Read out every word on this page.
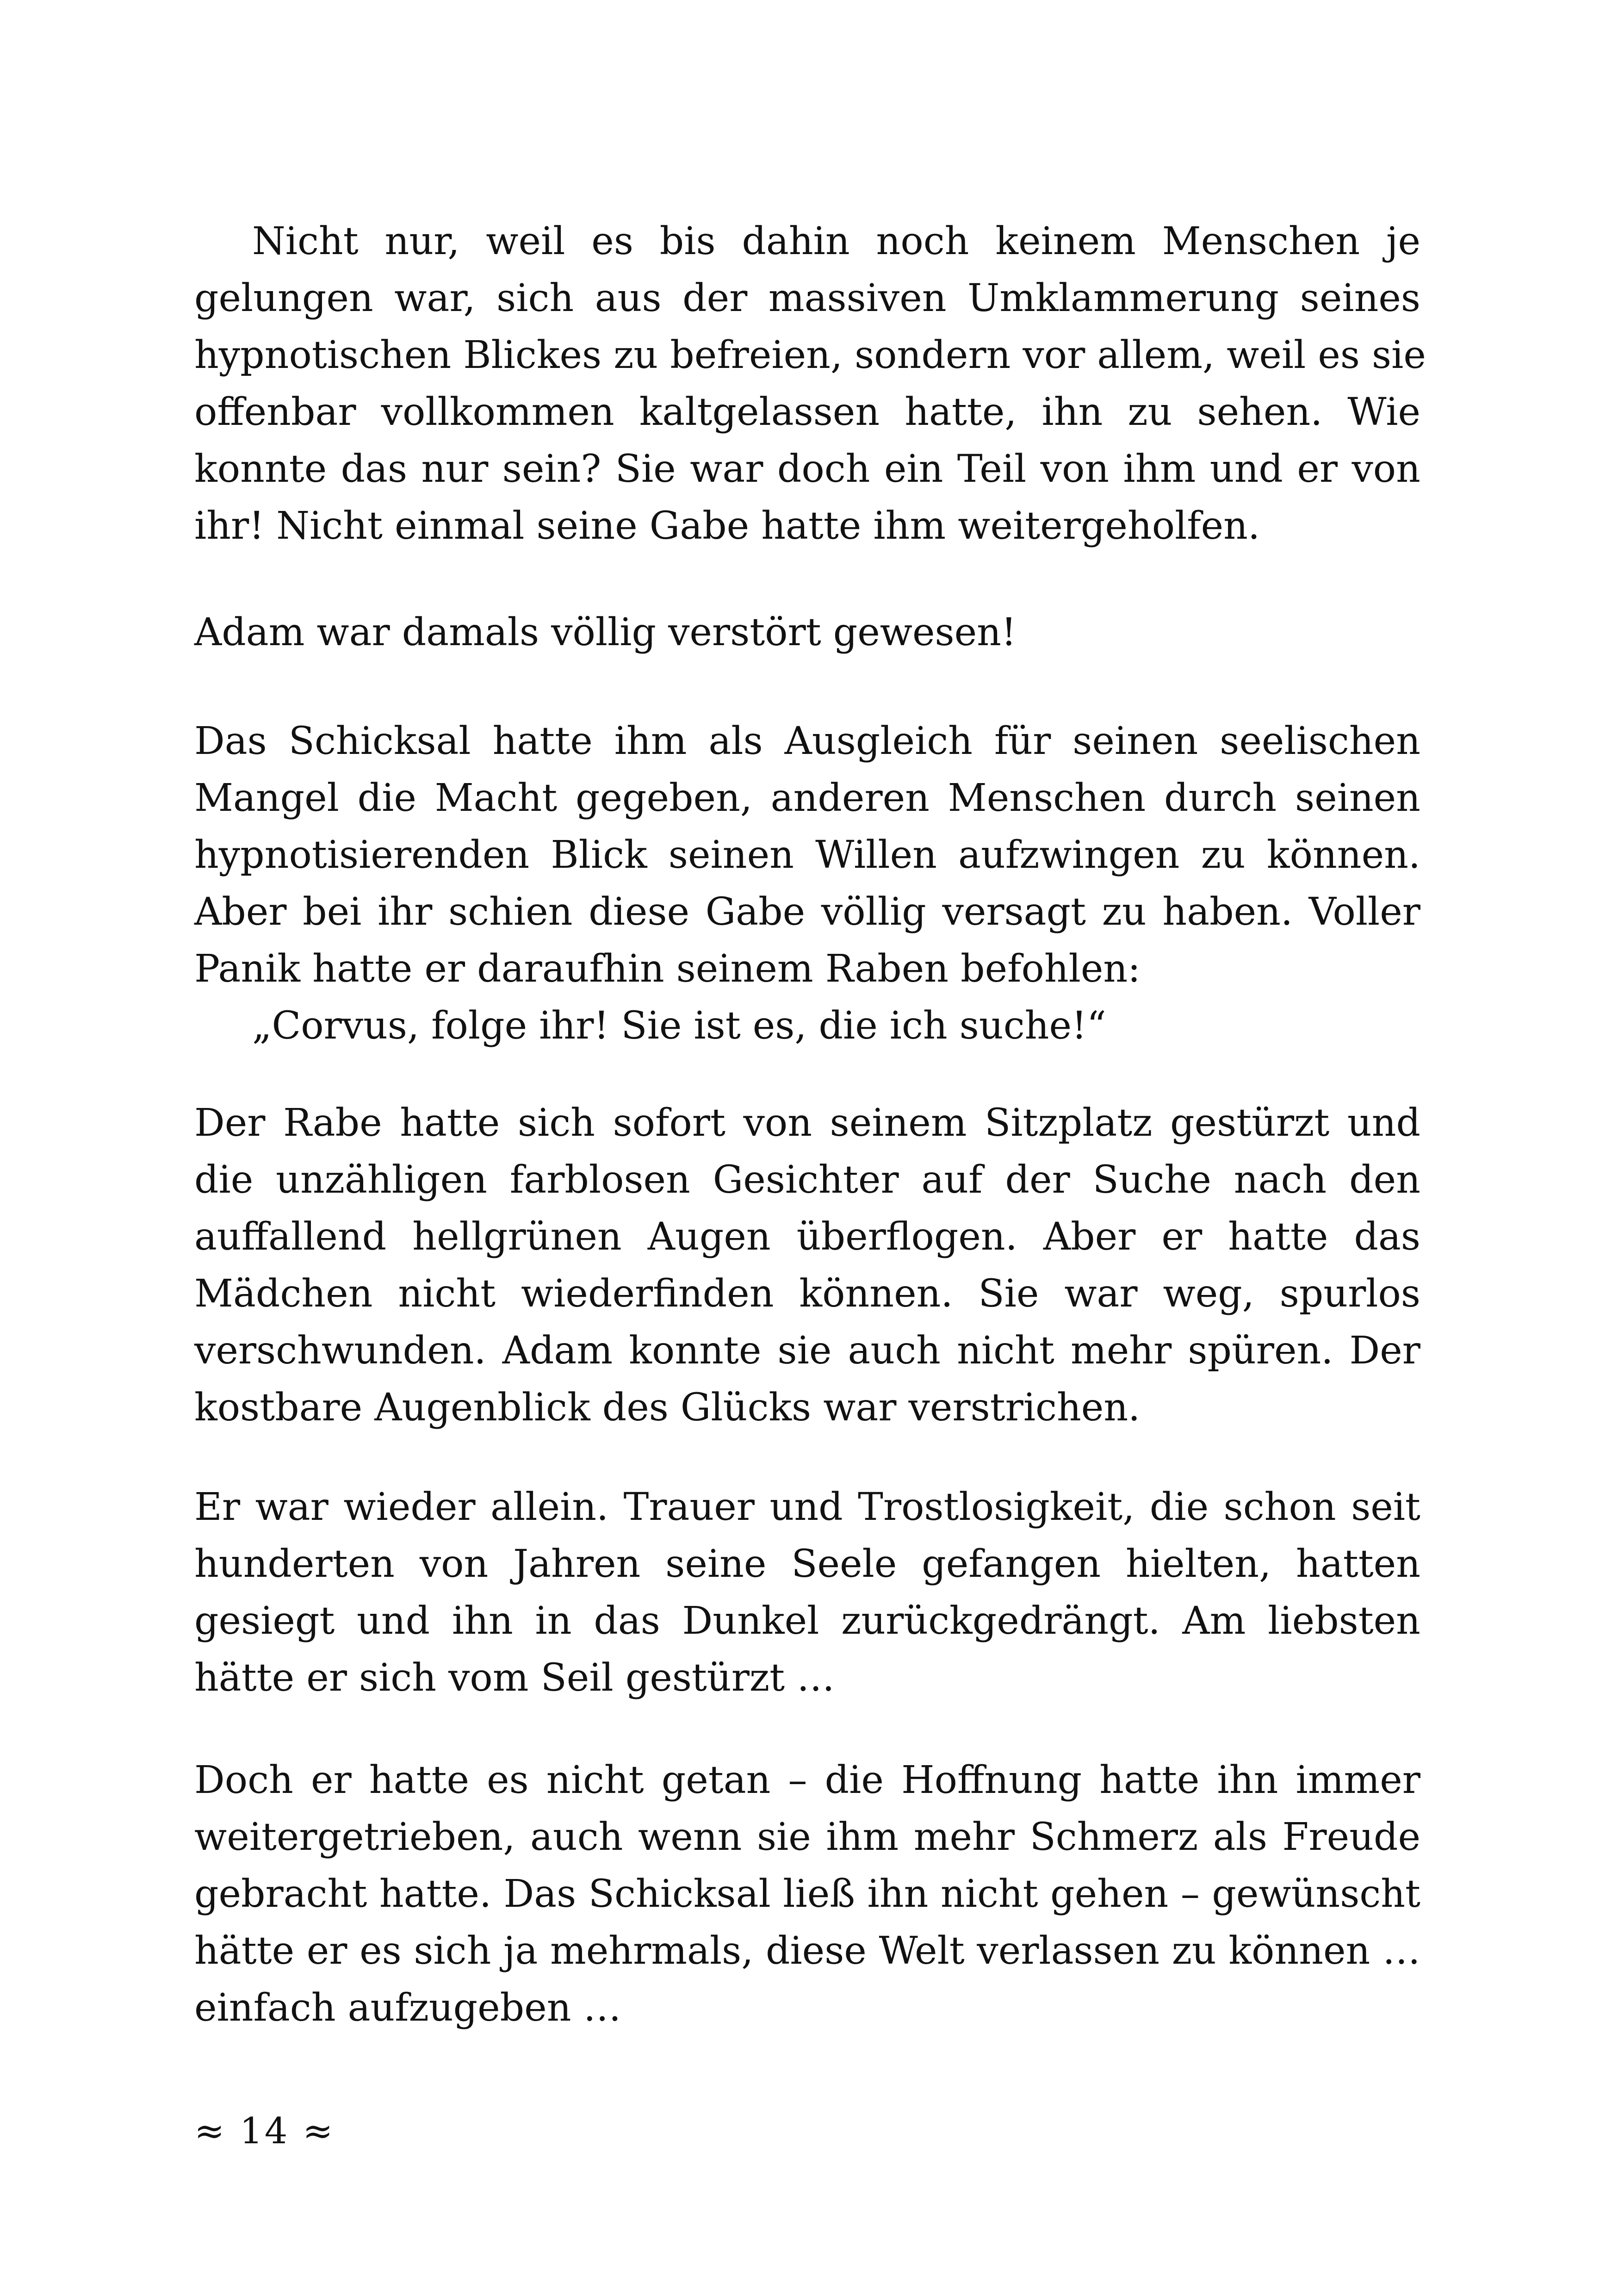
Nicht nur, weil es bis dahin noch keinem Menschen je
gelungen war, sich aus der massiven Umklammerung seines
hypnotischen Blickes zu befreien, sondern vor allem, weil es sie
offenbar vollkommen kaltgelassen hatte, ihn zu sehen. Wie
konnte das nur sein? Sie war doch ein Teil von ihm und er von
ihr! Nicht einmal seine Gabe hatte ihm weitergeholfen.
Adam war damals völlig verstört gewesen!
Das Schicksal hatte ihm als Ausgleich für seinen seelischen
Mangel die Macht gegeben, anderen Menschen durch seinen
hypnotisierenden Blick seinen Willen aufzwingen zu können.
Aber bei ihr schien diese Gabe völlig versagt zu haben. Voller
Panik hatte er daraufhin seinem Raben befohlen:
„Corvus, folge ihr! Sie ist es, die ich suche!“
Der Rabe hatte sich sofort von seinem Sitzplatz gestürzt und
die unzähligen farblosen Gesichter auf der Suche nach den
auffallend hellgrünen Augen überflogen. Aber er hatte das
Mädchen nicht wiederfinden können. Sie war weg, spurlos
verschwunden. Adam konnte sie auch nicht mehr spüren. Der
kostbare Augenblick des Glücks war verstrichen.
Er war wieder allein. Trauer und Trostlosigkeit, die schon seit
hunderten von Jahren seine Seele gefangen hielten, hatten
gesiegt und ihn in das Dunkel zurückgedrängt. Am liebsten
hätte er sich vom Seil gestürzt …
Doch er hatte es nicht getan – die Hoffnung hatte ihn immer
weitergetrieben, auch wenn sie ihm mehr Schmerz als Freude
gebracht hatte. Das Schicksal ließ ihn nicht gehen – gewünscht
hätte er es sich ja mehrmals, diese Welt verlassen zu können …
einfach aufzugeben …
≈ 14 ≈
